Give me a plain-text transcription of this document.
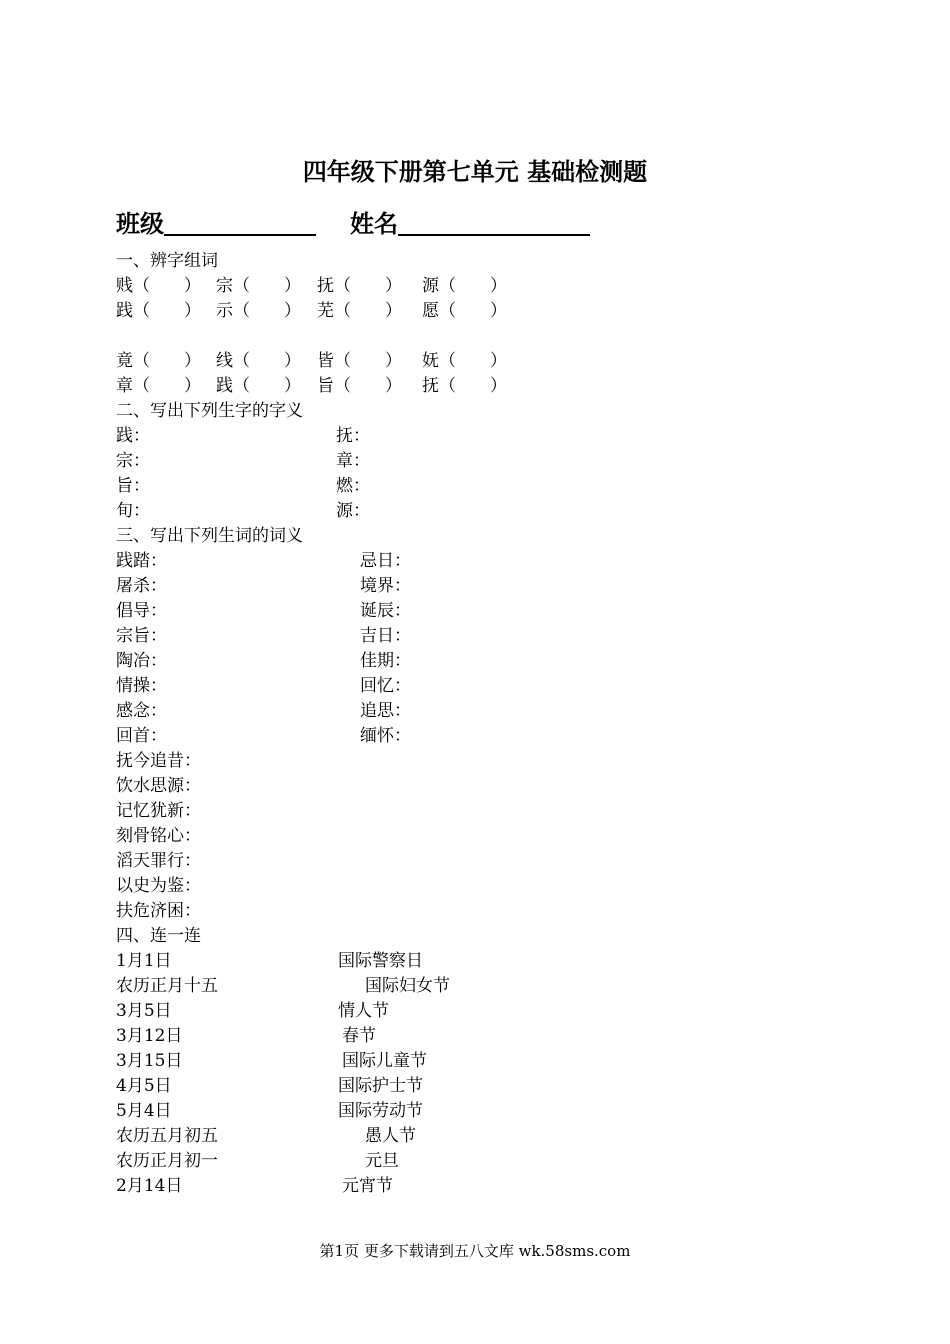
四年级下册第七单元 基础检测题
班级	姓名
一、辨字组词
贱（　　） 宗（　　） 抚（　　） 源（　　）
践（　　） 示（　　） 芜（　　） 愿（　　）
竟（　　） 线（　　） 皆（　　） 妩（　　）
章（　　） 践（　　） 旨（　　） 抚（　　）
二、写出下列生字的字义
践：	抚：
宗：	章：
旨：	燃：
旬：	源：
三、写出下列生词的词义
践踏：	忌日：
屠杀：	境界：
倡导：	诞辰：
宗旨：	吉日：
陶冶：	佳期：
情操：	回忆：
感念：	追思：
回首：	缅怀：
抚今追昔：
饮水思源：
记忆犹新：
刻骨铭心：
滔天罪行：
以史为鉴：
扶危济困：
四、连一连
1月1日	国际警察日
农历正月十五	国际妇女节
3月5日	情人节
3月12日	春节
3月15日	国际儿童节
4月5日	国际护士节
5月4日	国际劳动节
农历五月初五	愚人节
农历正月初一	元旦
2月14日	元宵节
第1页 更多下载请到五八文库 wk.58sms.com
